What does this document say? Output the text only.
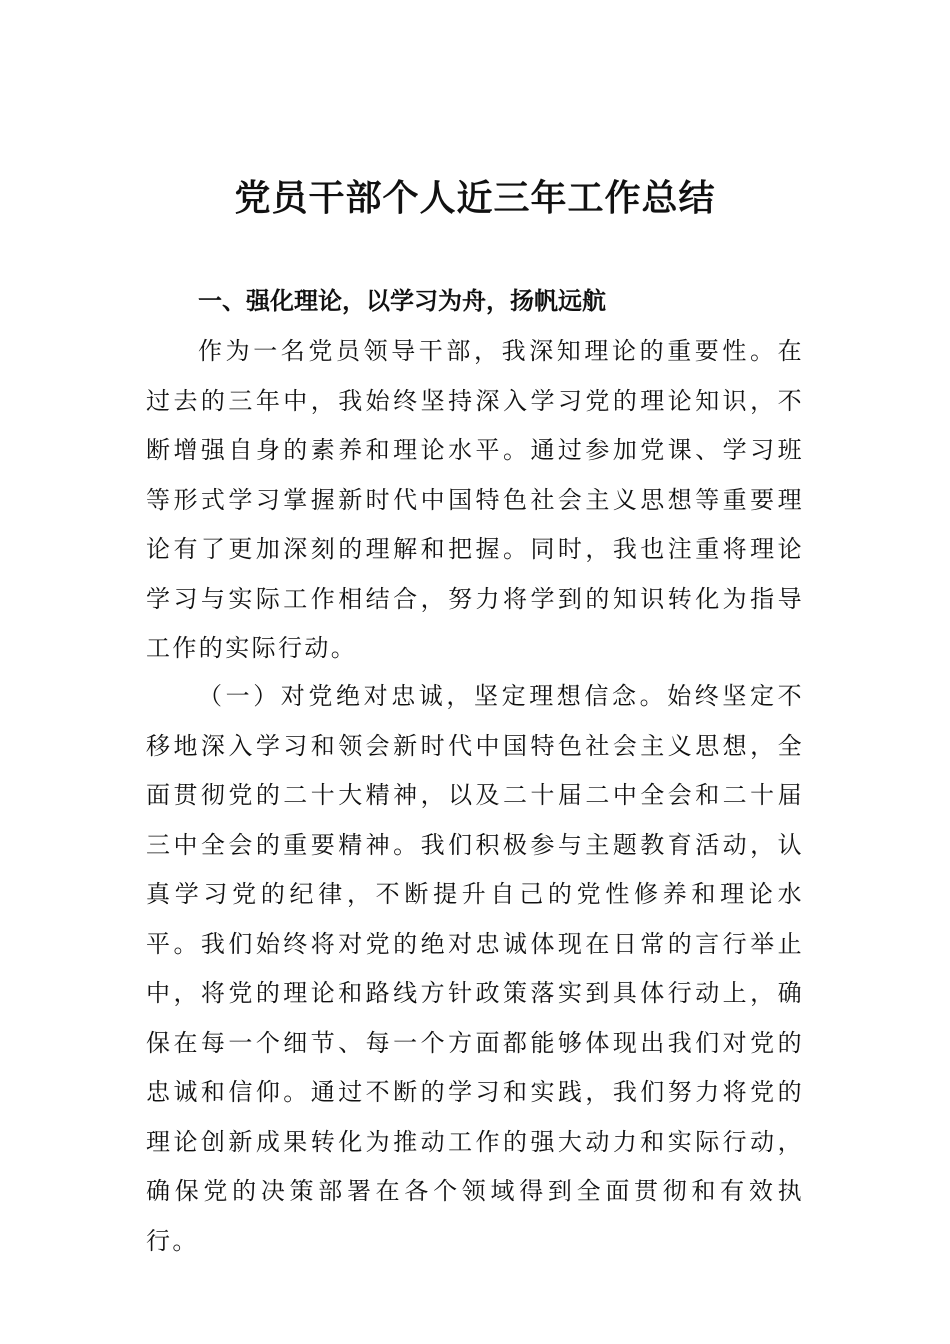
党员干部个人近三年工作总结
一、强化理论，以学习为舟，扬帆远航

作为一名党员领导干部，我深知理论的重要性。在过去的三年中，我始终坚持深入学习党的理论知识，不断增强自身的素养和理论水平。通过参加党课、学习班等形式学习掌握新时代中国特色社会主义思想等重要理论有了更加深刻的理解和把握。同时，我也注重将理论学习与实际工作相结合，努力将学到的知识转化为指导工作的实际行动。

（一）对党绝对忠诚，坚定理想信念。始终坚定不移地深入学习和领会新时代中国特色社会主义思想，全面贯彻党的二十大精神，以及二十届二中全会和二十届三中全会的重要精神。我们积极参与主题教育活动，认真学习党的纪律，不断提升自己的党性修养和理论水平。我们始终将对党的绝对忠诚体现在日常的言行举止中，将党的理论和路线方针政策落实到具体行动上，确保在每一个细节、每一个方面都能够体现出我们对党的忠诚和信仰。通过不断的学习和实践，我们努力将党的理论创新成果转化为推动工作的强大动力和实际行动，确保党的决策部署在各个领域得到全面贯彻和有效执行。
